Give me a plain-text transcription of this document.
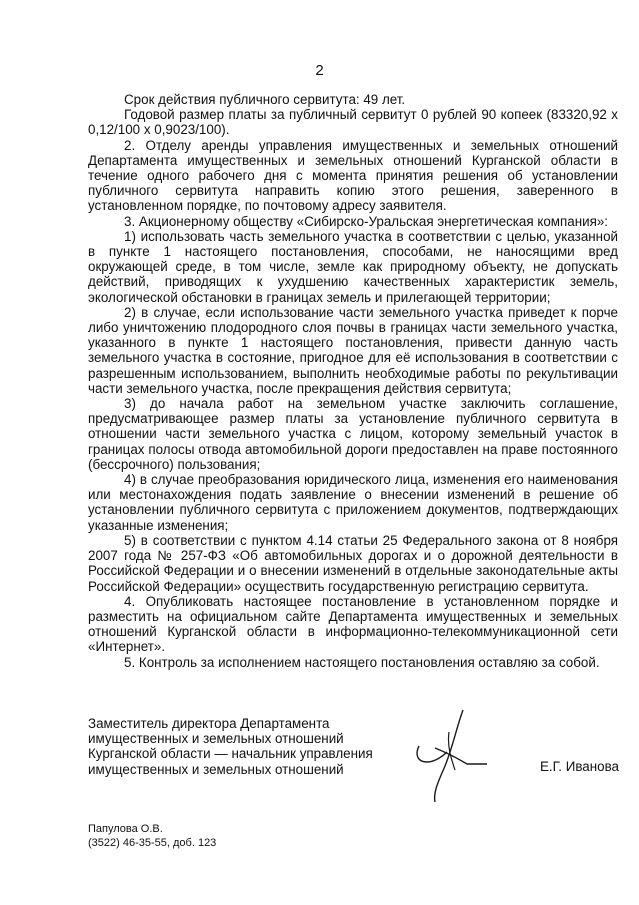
2

Срок действия публичного сервитута: 49 лет.

Годовой размер платы за публичный сервитут 0 рублей 90 копеек (83320,92 х 0,12/100 х 0,9023/100).

2. Отделу аренды управления имущественных и земельных отношений Департамента имущественных и земельных отношений Курганской области в течение одного рабочего дня с момента принятия решения об установлении публичного сервитута направить копию этого решения, заверенного в установленном порядке, по почтовому адресу заявителя.

3. Акционерному обществу «Сибирско-Уральская энергетическая компания»:

1) использовать часть земельного участка в соответствии с целью, указанной в пункте 1 настоящего постановления, способами, не наносящими вред окружающей среде, в том числе, земле как природному объекту, не допускать действий, приводящих к ухудшению качественных характеристик земель, экологической обстановки в границах земель и прилегающей территории;

2) в случае, если использование части земельного участка приведет к порче либо уничтожению плодородного слоя почвы в границах части земельного участка, указанного в пункте 1 настоящего постановления, привести данную часть земельного участка в состояние, пригодное для её использования в соответствии с разрешенным использованием, выполнить необходимые работы по рекультивации части земельного участка, после прекращения действия сервитута;

3) до начала работ на земельном участке заключить соглашение, предусматривающее размер платы за установление публичного сервитута в отношении части земельного участка с лицом, которому земельный участок в границах полосы отвода автомобильной дороги предоставлен на праве постоянного (бессрочного) пользования;

4) в случае преобразования юридического лица, изменения его наименования или местонахождения подать заявление о внесении изменений в решение об установлении публичного сервитута с приложением документов, подтверждающих указанные изменения;

5) в соответствии с пунктом 4.14 статьи 25 Федерального закона от 8 ноября 2007 года № 257-ФЗ «Об автомобильных дорогах и о дорожной деятельности в Российской Федерации и о внесении изменений в отдельные законодательные акты Российской Федерации» осуществить государственную регистрацию сервитута.

4. Опубликовать настоящее постановление в установленном порядке и разместить на официальном сайте Департамента имущественных и земельных отношений Курганской области в информационно-телекоммуникационной сети «Интернет».

5. Контроль за исполнением настоящего постановления оставляю за собой.

Заместитель директора Департамента
имущественных и земельных отношений
Курганской области — начальник управления
имущественных и земельных отношений	Е.Г. Иванова
Папулова О.В.
(3522) 46-35-55, доб. 123
